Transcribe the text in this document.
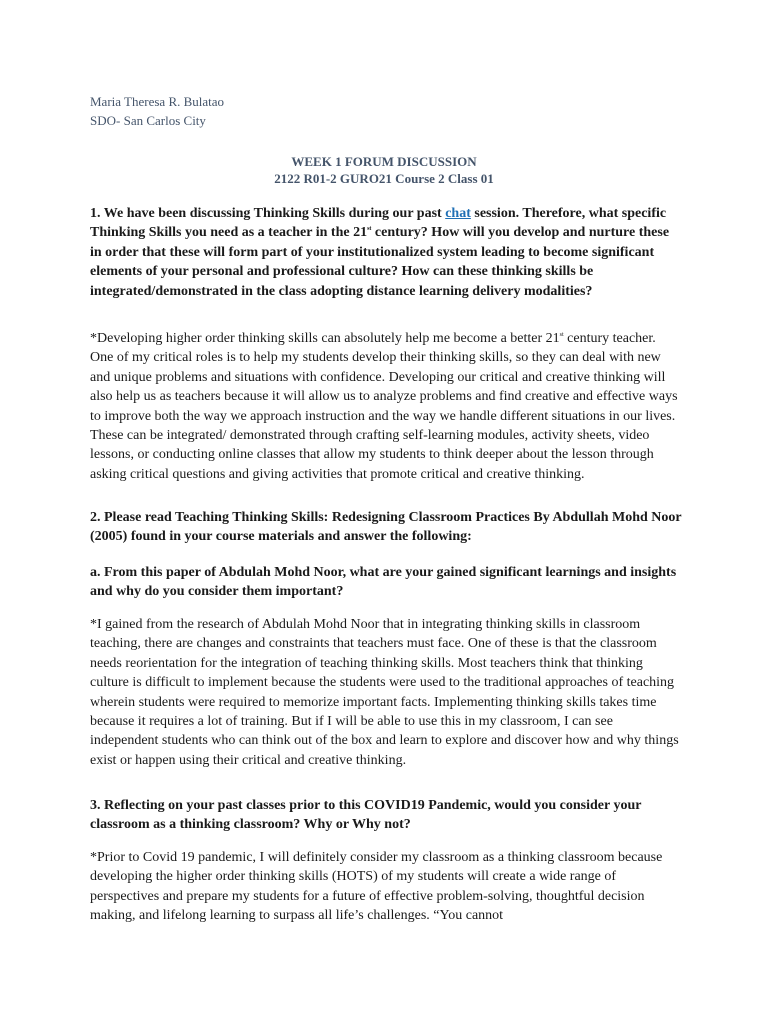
Maria Theresa R. Bulatao
SDO- San Carlos City
WEEK 1 FORUM DISCUSSION
2122 R01-2 GURO21 Course 2 Class 01
1. We have been discussing Thinking Skills during our past chat session. Therefore, what specific Thinking Skills you need as a teacher in the 21st century? How will you develop and nurture these in order that these will form part of your institutionalized system leading to become significant elements of your personal and professional culture? How can these thinking skills be integrated/demonstrated in the class adopting distance learning delivery modalities?
*Developing higher order thinking skills can absolutely help me become a better 21st century teacher. One of my critical roles is to help my students develop their thinking skills, so they can deal with new and unique problems and situations with confidence. Developing our critical and creative thinking will also help us as teachers because it will allow us to analyze problems and find creative and effective ways to improve both the way we approach instruction and the way we handle different situations in our lives. These can be integrated/ demonstrated through crafting self-learning modules, activity sheets, video lessons, or conducting online classes that allow my students to think deeper about the lesson through asking critical questions and giving activities that promote critical and creative thinking.
2. Please read Teaching Thinking Skills: Redesigning Classroom Practices By Abdullah Mohd Noor (2005) found in your course materials and answer the following:
a. From this paper of Abdulah Mohd Noor, what are your gained significant learnings and insights and why do you consider them important?
*I gained from the research of Abdulah Mohd Noor that in integrating thinking skills in classroom teaching, there are changes and constraints that teachers must face. One of these is that the classroom needs reorientation for the integration of teaching thinking skills. Most teachers think that thinking culture is difficult to implement because the students were used to the traditional approaches of teaching wherein students were required to memorize important facts. Implementing thinking skills takes time because it requires a lot of training. But if I will be able to use this in my classroom, I can see independent students who can think out of the box and learn to explore and discover how and why things exist or happen using their critical and creative thinking.
3. Reflecting on your past classes prior to this COVID19 Pandemic, would you consider your classroom as a thinking classroom? Why or Why not?
*Prior to Covid 19 pandemic, I will definitely consider my classroom as a thinking classroom because developing the higher order thinking skills (HOTS) of my students will create a wide range of perspectives and prepare my students for a future of effective problem-solving, thoughtful decision making, and lifelong learning to surpass all life’s challenges. “You cannot
